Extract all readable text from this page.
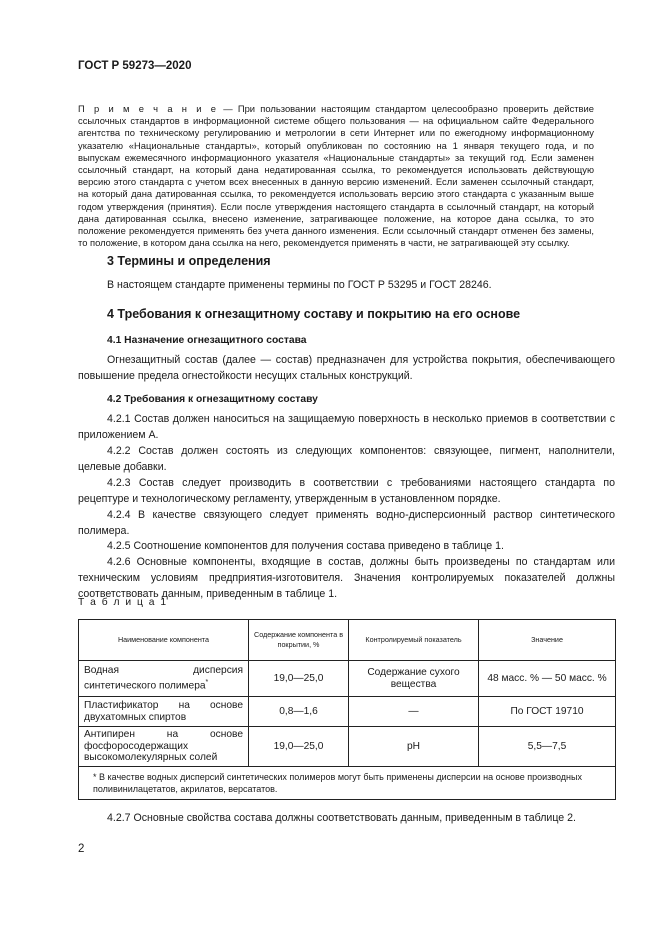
ГОСТ Р 59273—2020
П р и м е ч а н и е — При пользовании настоящим стандартом целесообразно проверить действие ссылочных стандартов в информационной системе общего пользования — на официальном сайте Федерального агентства по техническому регулированию и метрологии в сети Интернет или по ежегодному информационному указателю «Национальные стандарты», который опубликован по состоянию на 1 января текущего года, и по выпускам ежемесячного информационного указателя «Национальные стандарты» за текущий год. Если заменен ссылочный стандарт, на который дана недатированная ссылка, то рекомендуется использовать действующую версию этого стандарта с учетом всех внесенных в данную версию изменений. Если заменен ссылочный стандарт, на который дана датированная ссылка, то рекомендуется использовать версию этого стандарта с указанным выше годом утверждения (принятия). Если после утверждения настоящего стандарта в ссылочный стандарт, на который дана датированная ссылка, внесено изменение, затрагивающее положение, на которое дана ссылка, то это положение рекомендуется применять без учета данного изменения. Если ссылочный стандарт отменен без замены, то положение, в котором дана ссылка на него, рекомендуется применять в части, не затрагивающей эту ссылку.
3 Термины и определения
В настоящем стандарте применены термины по ГОСТ Р 53295 и ГОСТ 28246.
4 Требования к огнезащитному составу и покрытию на его основе
4.1 Назначение огнезащитного состава
Огнезащитный состав (далее — состав) предназначен для устройства покрытия, обеспечивающего повышение предела огнестойкости несущих стальных конструкций.
4.2 Требования к огнезащитному составу
4.2.1 Состав должен наноситься на защищаемую поверхность в несколько приемов в соответствии с приложением А.
4.2.2 Состав должен состоять из следующих компонентов: связующее, пигмент, наполнители, целевые добавки.
4.2.3 Состав следует производить в соответствии с требованиями настоящего стандарта по рецептуре и технологическому регламенту, утвержденным в установленном порядке.
4.2.4 В качестве связующего следует применять водно-дисперсионный раствор синтетического полимера.
4.2.5 Соотношение компонентов для получения состава приведено в таблице 1.
4.2.6 Основные компоненты, входящие в состав, должны быть произведены по стандартам или техническим условиям предприятия-изготовителя. Значения контролируемых показателей должны соответствовать данным, приведенным в таблице 1.
Т а б л и ц а 1
Наименование компонента	Содержание компонента в покрытии, %	Контролируемый показатель	Значение
Водная дисперсия синтетического полимера*	19,0—25,0	Содержание сухого вещества	48 масс. % — 50 масс. %
Пластификатор на основе двухатомных спиртов	0,8—1,6	—	По ГОСТ 19710
Антипирен на основе фосфоросодержащих высокомолекулярных солей	19,0—25,0	pH	5,5—7,5
* В качестве водных дисперсий синтетических полимеров могут быть применены дисперсии на основе производных поливинилацетатов, акрилатов, версататов.			
4.2.7 Основные свойства состава должны соответствовать данным, приведенным в таблице 2.
2
